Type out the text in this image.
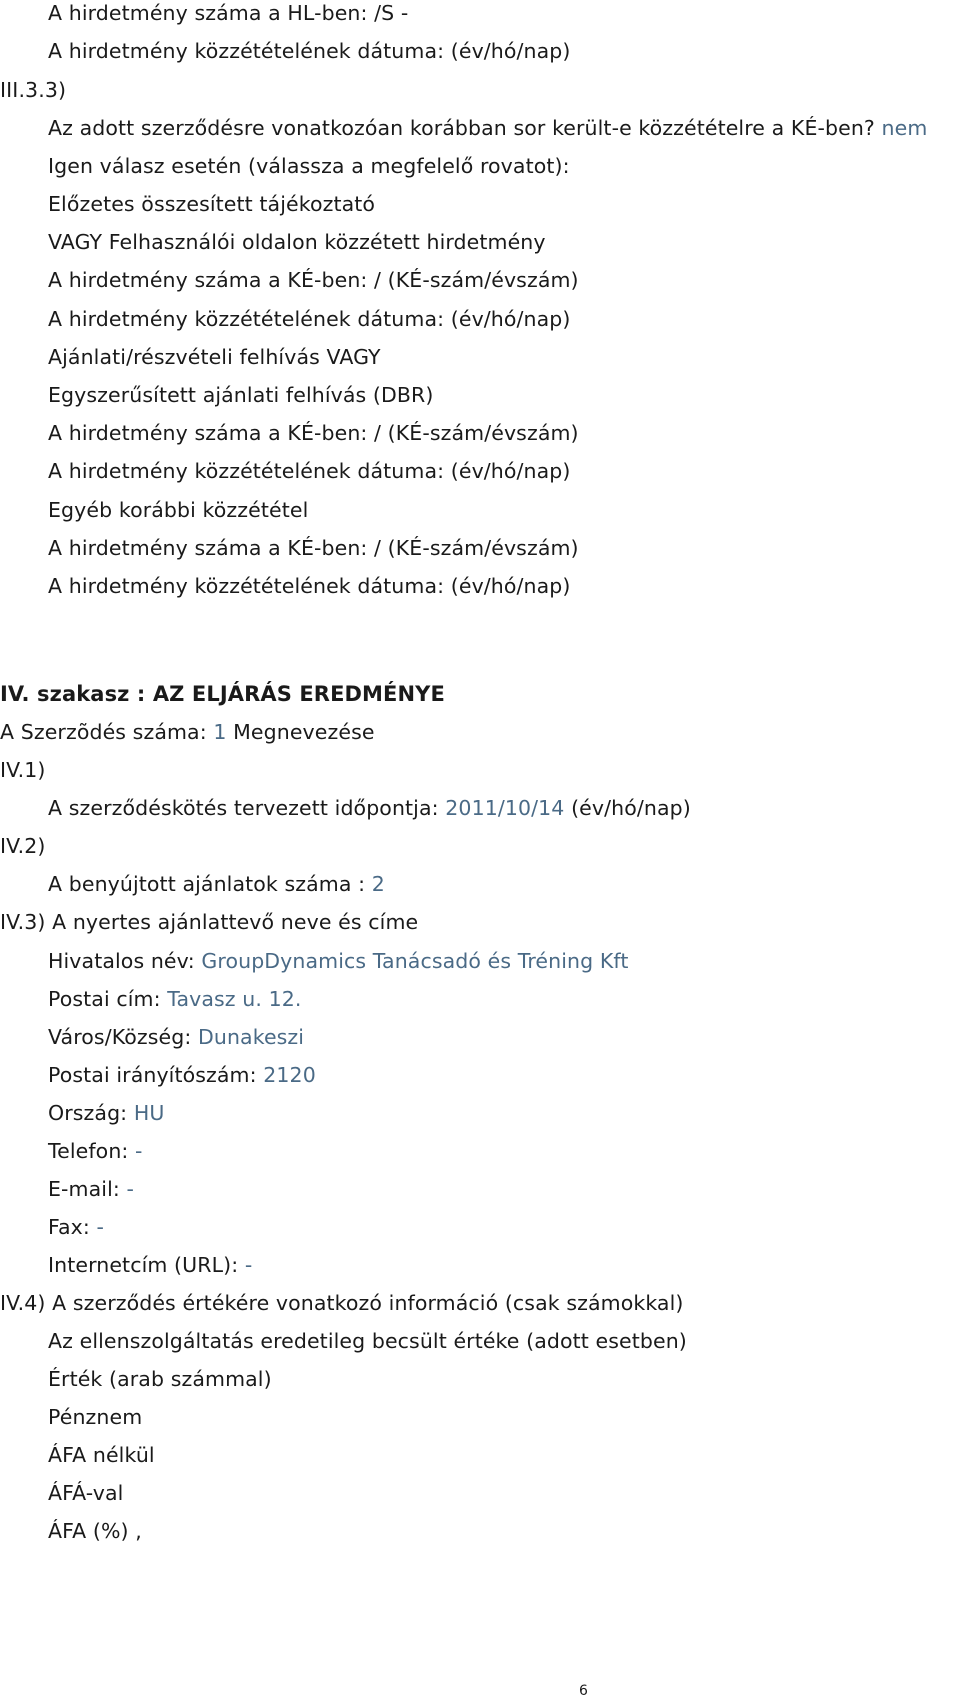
A hirdetmény száma a HL-ben: /S -
A hirdetmény közzétételének dátuma: (év/hó/nap)
III.3.3)
Az adott szerződésre vonatkozóan korábban sor került-e közzétételre a KÉ-ben? nem
Igen válasz esetén (válassza a megfelelő rovatot):
Előzetes összesített tájékoztató
VAGY Felhasználói oldalon közzétett hirdetmény
A hirdetmény száma a KÉ-ben: / (KÉ-szám/évszám)
A hirdetmény közzétételének dátuma: (év/hó/nap)
Ajánlati/részvételi felhívás VAGY
Egyszerűsített ajánlati felhívás (DBR)
A hirdetmény száma a KÉ-ben: / (KÉ-szám/évszám)
A hirdetmény közzétételének dátuma: (év/hó/nap)
Egyéb korábbi közzététel
A hirdetmény száma a KÉ-ben: / (KÉ-szám/évszám)
A hirdetmény közzétételének dátuma: (év/hó/nap)
IV. szakasz : AZ ELJÁRÁS EREDMÉNYE
A Szerzõdés száma: 1 Megnevezése
IV.1)
A szerződéskötés tervezett időpontja: 2011/10/14 (év/hó/nap)
IV.2)
A benyújtott ajánlatok száma : 2
IV.3) A nyertes ajánlattevő neve és címe
Hivatalos név: GroupDynamics Tanácsadó és Tréning Kft
Postai cím: Tavasz u. 12.
Város/Község: Dunakeszi
Postai irányítószám: 2120
Ország: HU
Telefon: -
E-mail: -
Fax: -
Internetcím (URL): -
IV.4) A szerződés értékére vonatkozó információ (csak számokkal)
Az ellenszolgáltatás eredetileg becsült értéke (adott esetben)
Érték (arab számmal)
Pénznem
ÁFA nélkül
ÁFÁ-val
ÁFA (%) ,
6
